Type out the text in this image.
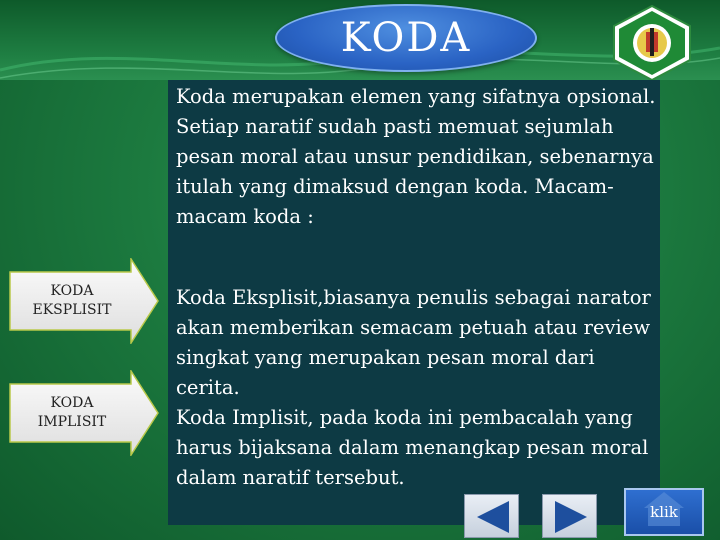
KODA
Koda merupakan elemen yang sifatnya opsional. Setiap naratif sudah pasti memuat sejumlah pesan moral atau unsur pendidikan, sebenarnya itulah yang dimaksud dengan koda. Macam- macam koda :
KODA
EKSPLISIT
KODA
IMPLISIT
Koda Eksplisit,biasanya penulis sebagai narator akan memberikan semacam petuah atau review singkat yang merupakan pesan moral dari cerita.
Koda Implisit, pada koda ini pembacalah yang harus bijaksana dalam menangkap pesan moral dalam naratif tersebut.
klik
